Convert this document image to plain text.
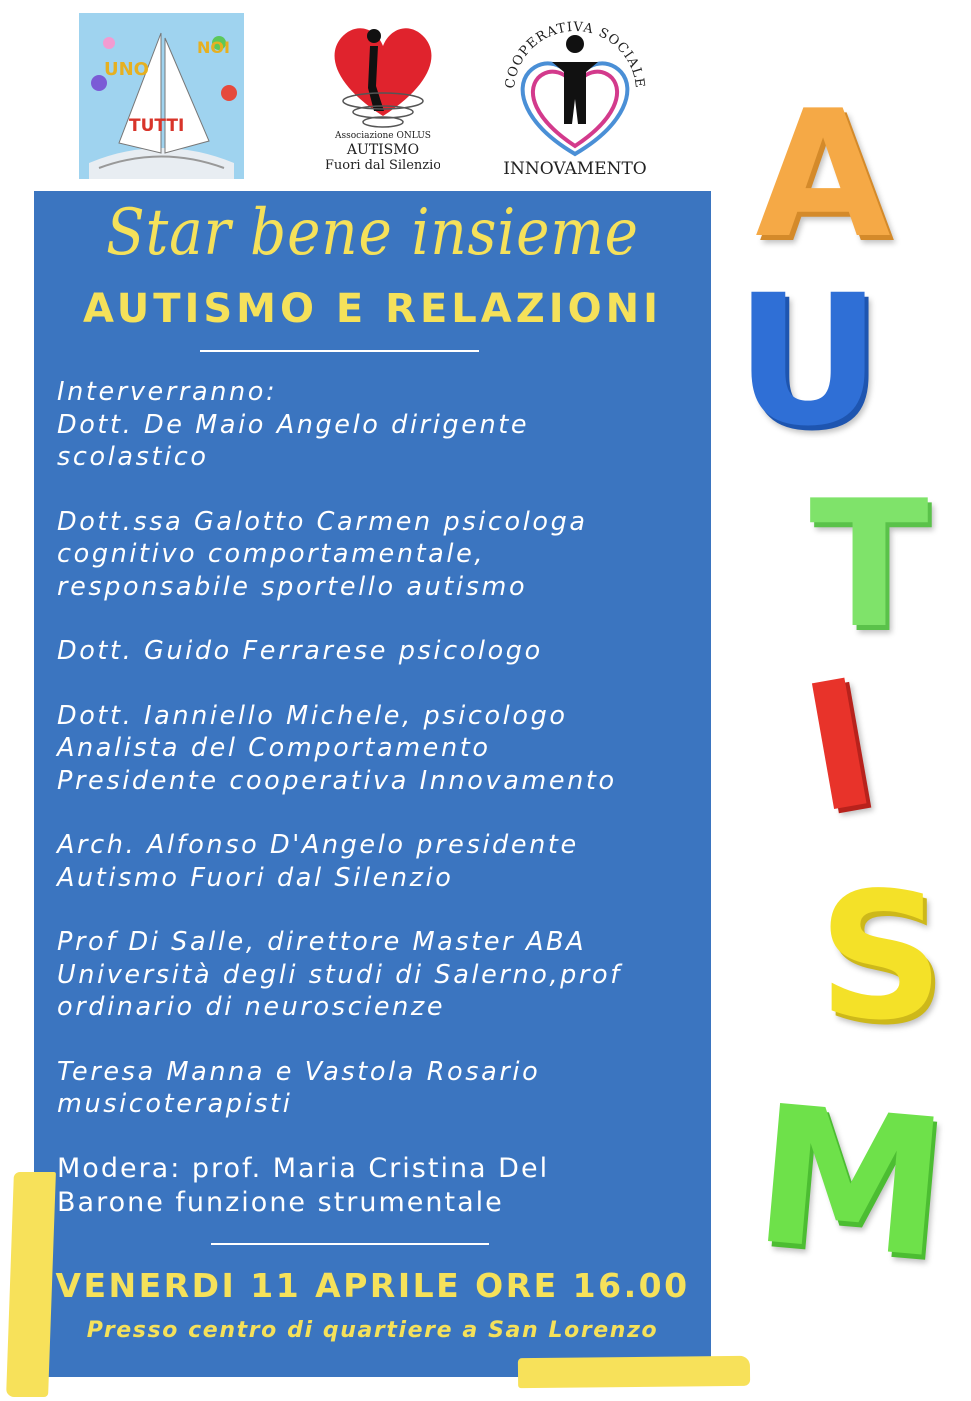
UNO
NOI
TUTTI	Associazione ONLUS
AUTISMO
Fuori dal Silenzio
COOPERATIVA SOCIALE
INNOVAMENTO
Star bene insieme
AUTISMO E RELAZIONI
Interverranno:
Dott. De Maio Angelo dirigente
scolastico
Dott.ssa Galotto Carmen psicologa
cognitivo comportamentale,
responsabile sportello autismo
Dott. Guido Ferrarese psicologo
Dott. Ianniello Michele, psicologo
Analista del Comportamento
Presidente cooperativa Innovamento
Arch. Alfonso D'Angelo presidente
Autismo Fuori dal Silenzio
Prof Di Salle, direttore Master ABA
Università degli studi di Salerno,prof
ordinario di neuroscienze
Teresa Manna e Vastola Rosario
musicoterapisti
Modera: prof. Maria Cristina Del
Barone funzione strumentale
VENERDI 11 APRILE ORE 16.00
Presso centro di quartiere a San Lorenzo
A
U
T
I
S
M
